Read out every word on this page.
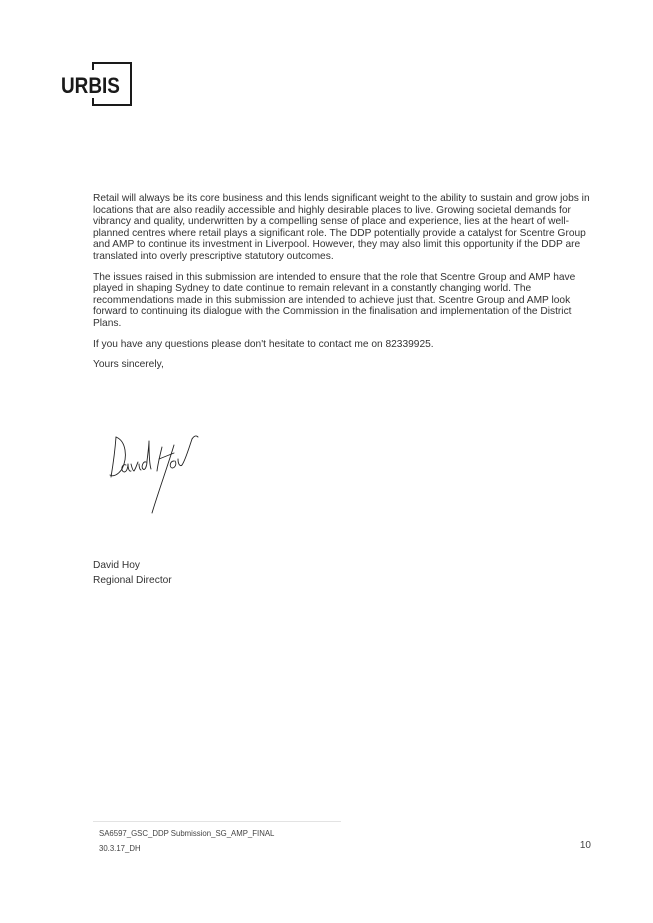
URBIS

Retail will always be its core business and this lends significant weight to the ability to sustain and grow jobs in locations that are also readily accessible and highly desirable places to live. Growing societal demands for vibrancy and quality, underwritten by a compelling sense of place and experience, lies at the heart of well-planned centres where retail plays a significant role. The DDP potentially provide a catalyst for Scentre Group and AMP to continue its investment in Liverpool. However, they may also limit this opportunity if the DDP are translated into overly prescriptive statutory outcomes.

The issues raised in this submission are intended to ensure that the role that Scentre Group and AMP have played in shaping Sydney to date continue to remain relevant in a constantly changing world. The recommendations made in this submission are intended to achieve just that. Scentre Group and AMP look forward to continuing its dialogue with the Commission in the finalisation and implementation of the District Plans.

If you have any questions please don't hesitate to contact me on 82339925.

Yours sincerely,

David Hoy
Regional Director
SA6597_GSC_DDP Submission_SG_AMP_FINAL
30.3.17_DH	10
